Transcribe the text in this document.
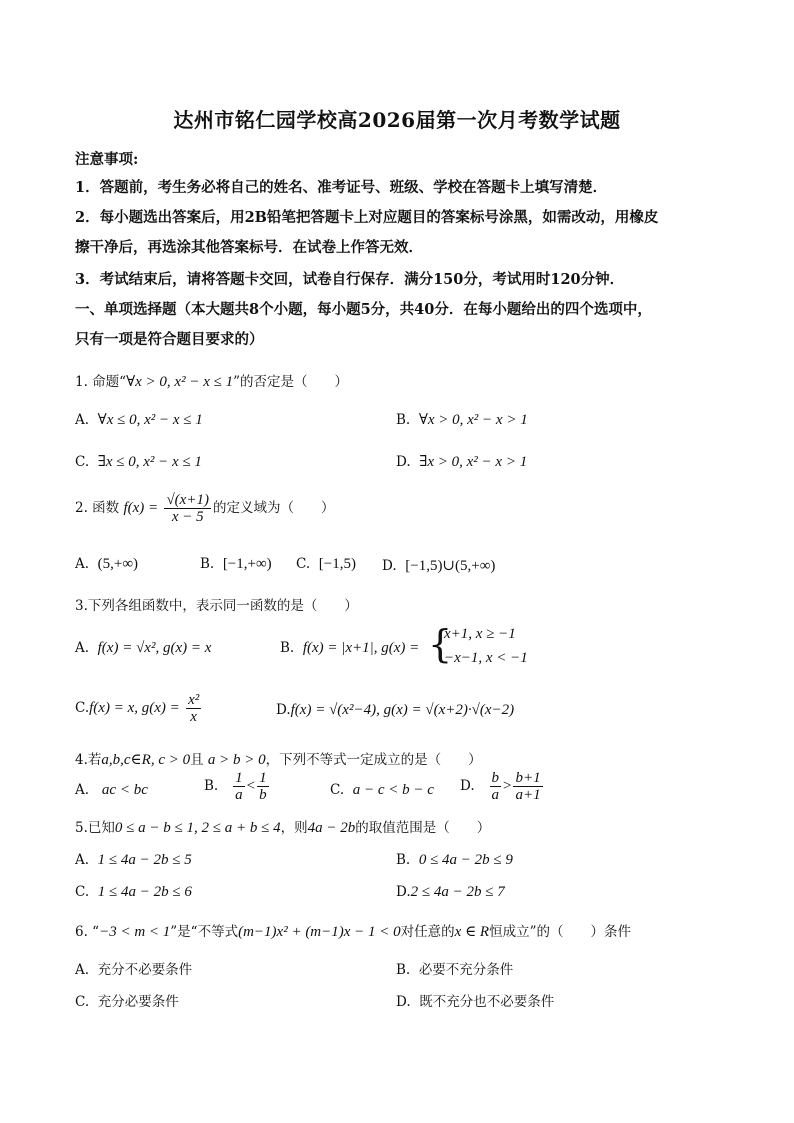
达州市铭仁园学校高2026届第一次月考数学试题
注意事项:
1．答题前，考生务必将自己的姓名、准考证号、班级、学校在答题卡上填写清楚．
2．每小题选出答案后，用2B铅笔把答题卡上对应题目的答案标号涂黑，如需改动，用橡皮
擦干净后，再选涂其他答案标号．在试卷上作答无效．
3．考试结束后，请将答题卡交回，试卷自行保存．满分150分，考试用时120分钟．
一、单项选择题（本大题共8个小题，每小题5分，共40分．在每小题给出的四个选项中，
只有一项是符合题目要求的）
1. 命题“∀x > 0, x² − x ≤ 1”的否定是（　　）
A. ∀x ≤ 0, x² − x ≤ 1	B. ∀x > 0, x² − x > 1
C. ∃x ≤ 0, x² − x ≤ 1	D. ∃x > 0, x² − x > 1
2. 函数 $f(x) = \frac{√(x+1)}{x - 5}$ 的定义域为（　　）
A. (5,+∞)	B. [−1,+∞) C. [−1,5) D. [−1,5)∪(5,+∞)
3.下列各组函数中，表示同一函数的是（　　）
A. f(x) = √x², g(x) = x	B. f(x) = |x+1|, g(x) = {
x+1, x ≥ −1
−x−1, x < −1
C.f(x) = x, $g(x) = \frac{\text{x²}}{x}$	D.f(x) = √(x²−4), g(x) = √(x+2)·√(x−2)
4.若a,b,c∈R, c > 0且 a > b > 0，下列不等式一定成立的是（　　）
A. ac < bc	B. $\frac{1}{a} < \frac{1}{b}$	C. a − c < b − c D. $\frac{b}{a} > \frac{b+1}{a+1}$
5.已知0 ≤ a − b ≤ 1, 2 ≤ a + b ≤ 4，则4a − 2b的取值范围是（　　）
A. 1 ≤ 4a − 2b ≤ 5	B. 0 ≤ 4a − 2b ≤ 9
C. 1 ≤ 4a − 2b ≤ 6	D.2 ≤ 4a − 2b ≤ 7
6. “−3 < m < 1”是“不等式(m−1)x² + (m−1)x − 1 < 0对任意的x ∈ R恒成立”的（　　）条件
A. 充分不必要条件	B. 必要不充分条件
C. 充分必要条件	D. 既不充分也不必要条件
